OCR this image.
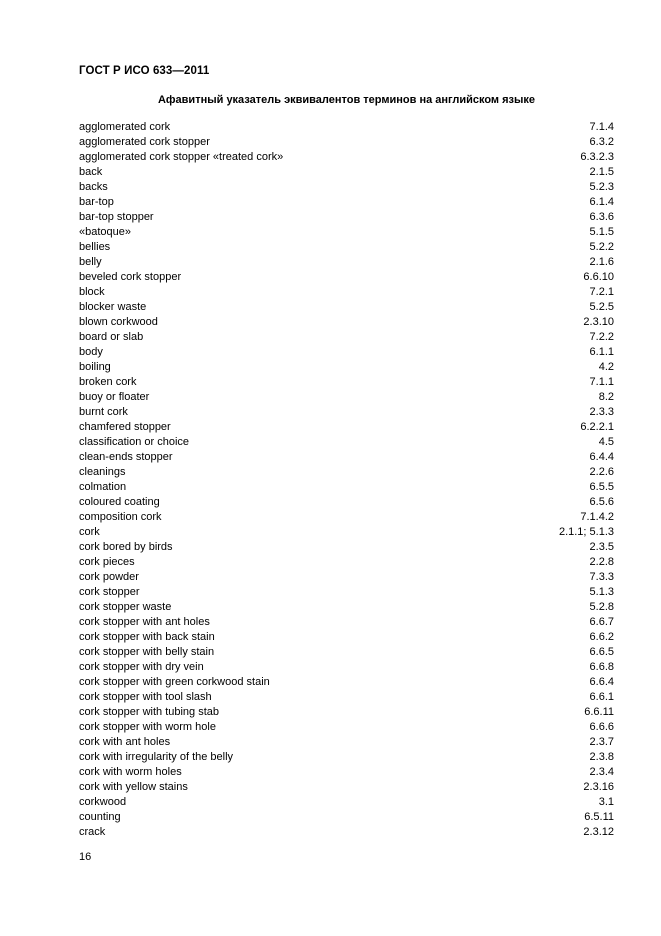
ГОСТ Р ИСО 633—2011
Афавитный указатель эквивалентов терминов на английском языке
agglomerated cork	7.1.4
agglomerated cork stopper	6.3.2
agglomerated cork stopper «treated cork»	6.3.2.3
back	2.1.5
backs	5.2.3
bar-top	6.1.4
bar-top stopper	6.3.6
«batoque»	5.1.5
bellies	5.2.2
belly	2.1.6
beveled cork stopper	6.6.10
block	7.2.1
blocker waste	5.2.5
blown corkwood	2.3.10
board or slab	7.2.2
body	6.1.1
boiling	4.2
broken cork	7.1.1
buoy or floater	8.2
burnt cork	2.3.3
chamfered stopper	6.2.2.1
classification or choice	4.5
clean-ends stopper	6.4.4
cleanings	2.2.6
colmation	6.5.5
coloured coating	6.5.6
composition cork	7.1.4.2
cork	2.1.1; 5.1.3
cork bored by birds	2.3.5
cork pieces	2.2.8
cork powder	7.3.3
cork stopper	5.1.3
cork stopper waste	5.2.8
cork stopper with ant holes	6.6.7
cork stopper with back stain	6.6.2
cork stopper with belly stain	6.6.5
cork stopper with dry vein	6.6.8
cork stopper with green corkwood stain	6.6.4
cork stopper with tool slash	6.6.1
cork stopper with tubing stab	6.6.11
cork stopper with worm hole	6.6.6
cork with ant holes	2.3.7
cork with irregularity of the belly	2.3.8
cork with worm holes	2.3.4
cork with yellow stains	2.3.16
corkwood	3.1
counting	6.5.11
crack	2.3.12
16
